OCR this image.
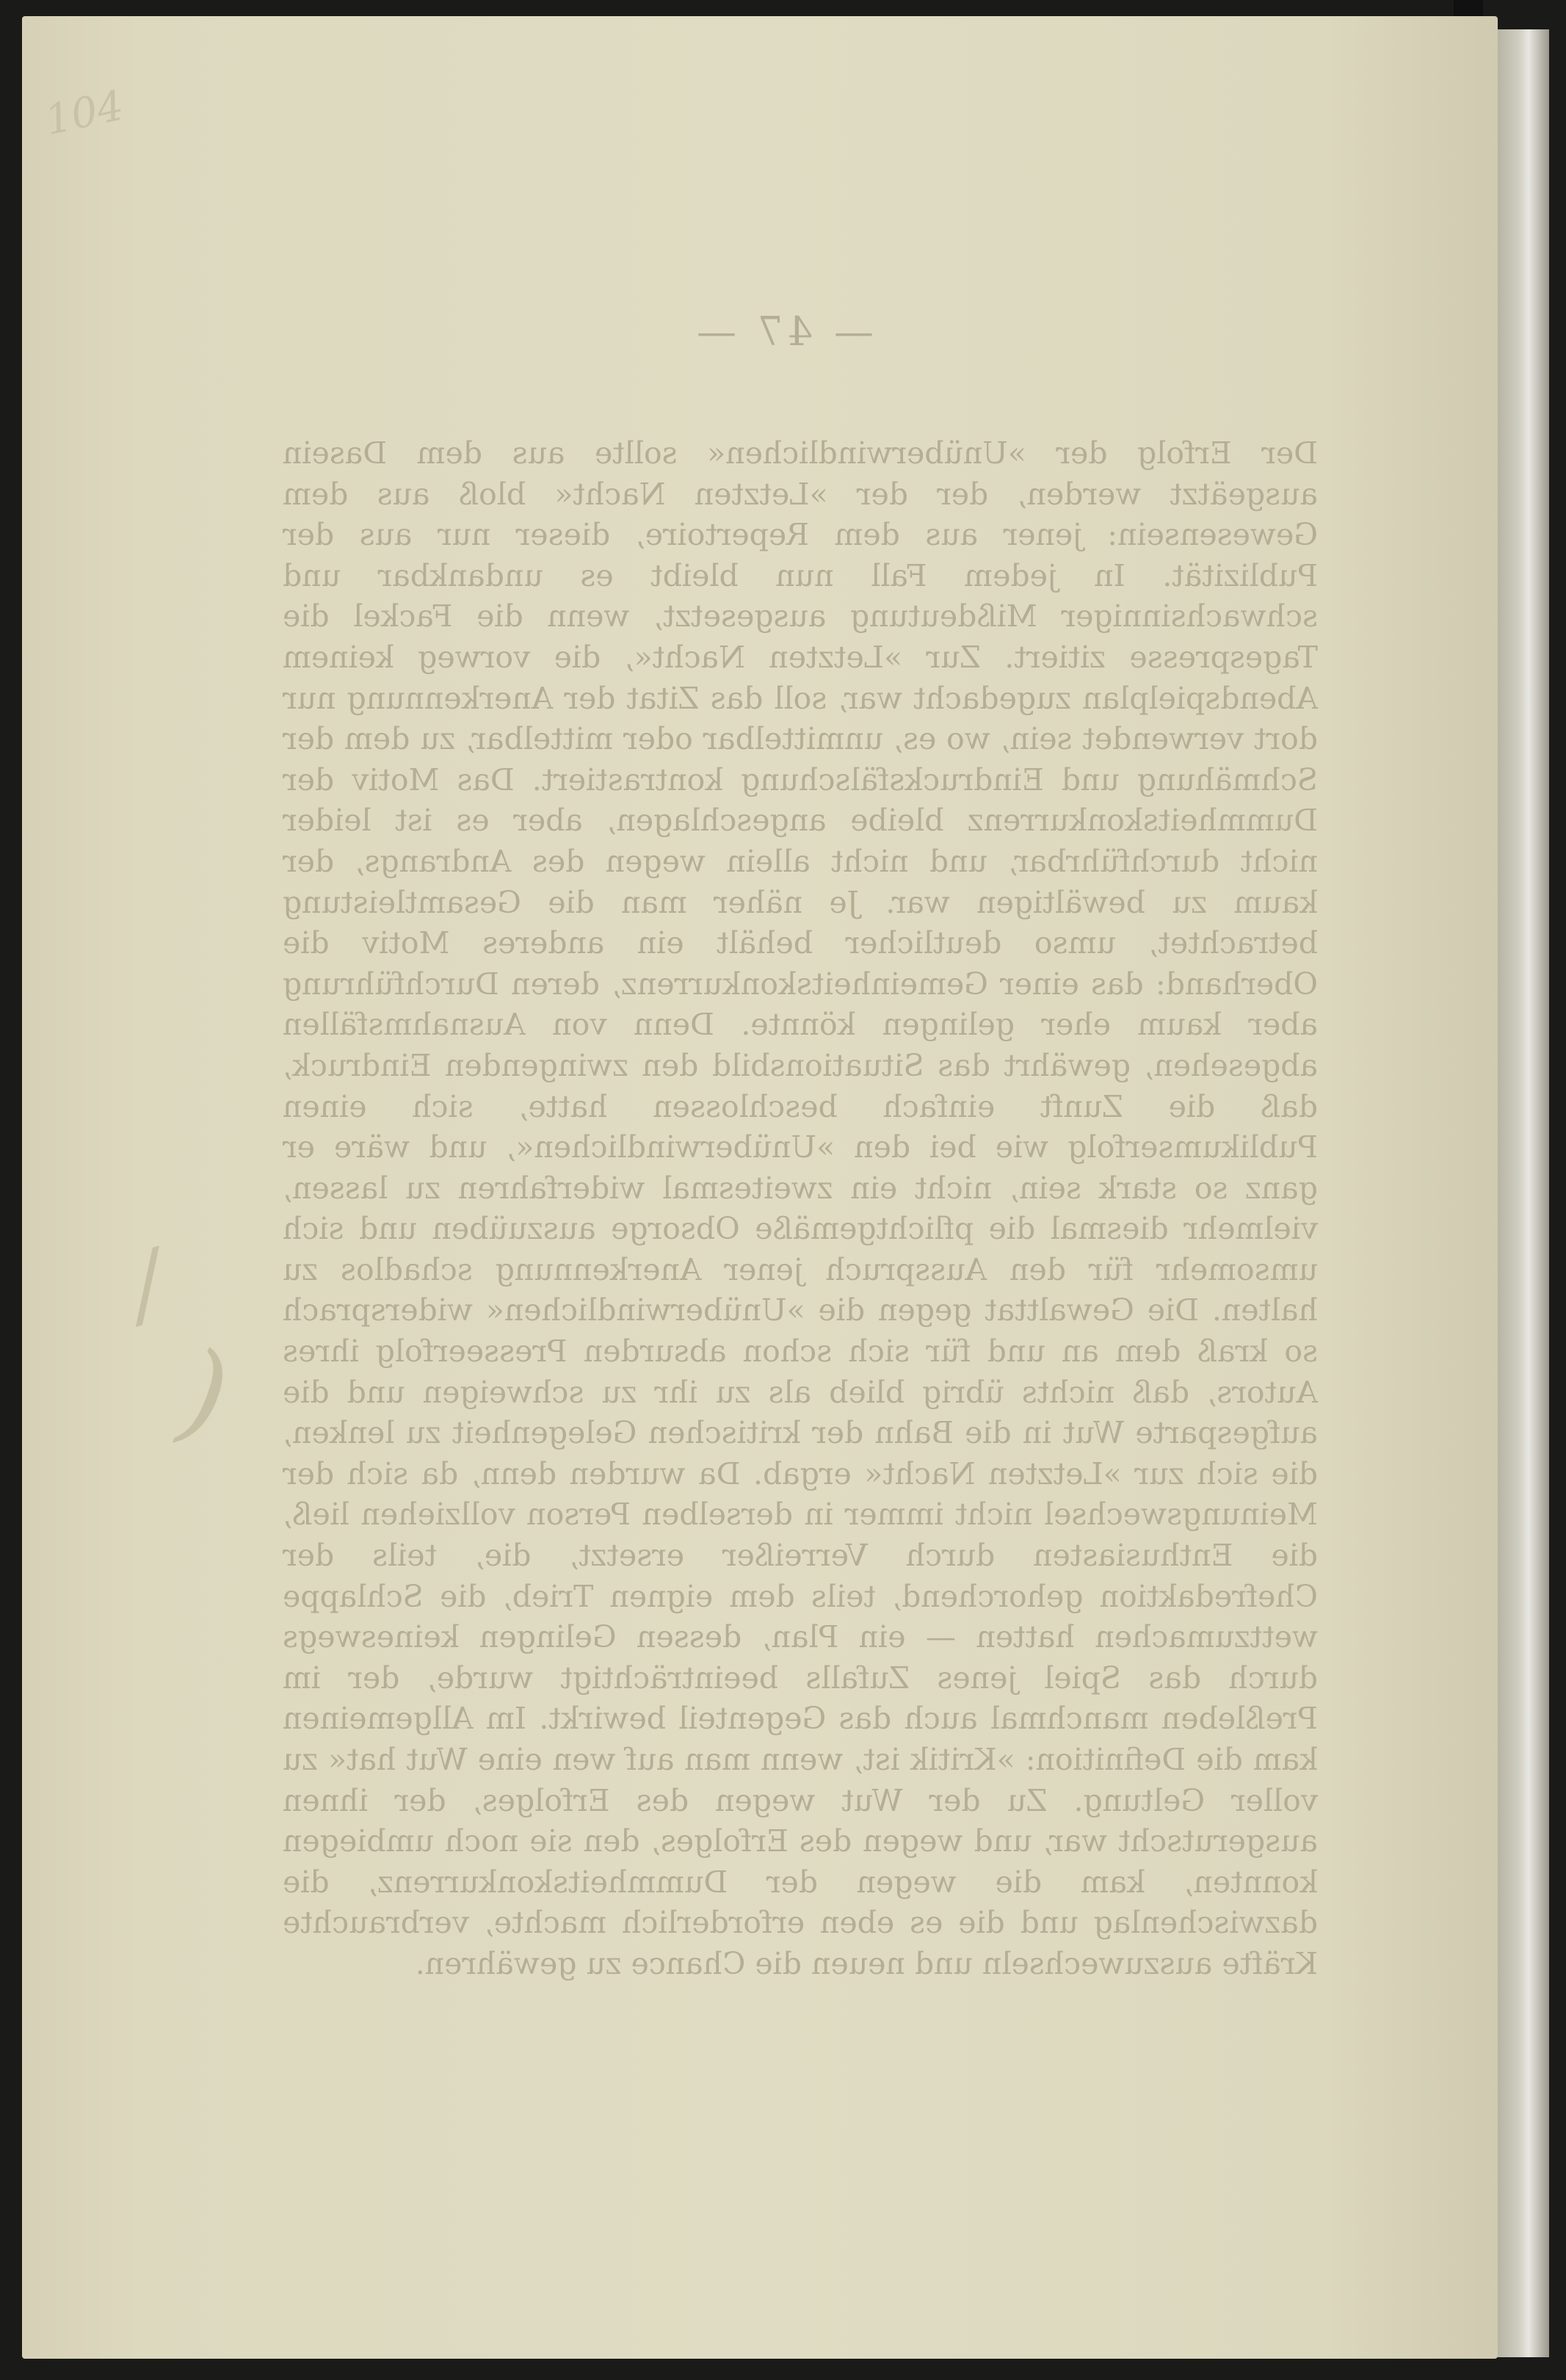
104
— 47 —

Der Erfolg der »Unüberwindlichen« sollte aus dem Dasein ausgeätzt werden, der der »Letzten Nacht« bloß aus dem Gewesensein: jener aus dem Repertoire, dieser nur aus der Publizität. In jedem Fall nun bleibt es undankbar und schwachsinniger Mißdeutung ausgesetzt, wenn die Fackel die Tagespresse zitiert. Zur »Letzten Nacht«, die vorweg keinem Abendspielplan zugedacht war, soll das Zitat der Anerkennung nur dort verwendet sein, wo es, unmittelbar oder mittelbar, zu dem der Schmähung und Eindrucksfälschung kontrastiert. Das Motiv der Dummheitskonkurrenz bleibe angeschlagen, aber es ist leider nicht durchführbar, und nicht allein wegen des Andrangs, der kaum zu bewältigen war. Je näher man die Gesamtleistung betrachtet, umso deutlicher behält ein anderes Motiv die Oberhand: das einer Gemeinheitskonkurrenz, deren Durchführung aber kaum eher gelingen könnte. Denn von Ausnahmsfällen abgesehen, gewährt das Situationsbild den zwingenden Eindruck, daß die Zunft einfach beschlossen hatte, sich einen Publikumserfolg wie bei den »Unüberwindlichen«, und wäre er ganz so stark sein, nicht ein zweitesmal widerfahren zu lassen, vielmehr diesmal die pflichtgemäße Obsorge auszuüben und sich umsomehr für den Ausspruch jener Anerkennung schadlos zu halten. Die Gewalttat gegen die »Unüberwindlichen« widersprach so kraß dem an und für sich schon absurden Presseerfolg ihres Autors, daß nichts übrig blieb als zu ihr zu schweigen und die aufgesparte Wut in die Bahn der kritischen Gelegenheit zu lenken, die sich zur »Letzten Nacht« ergab. Da wurden denn, da sich der Meinungswechsel nicht immer in derselben Person vollziehen ließ, die Enthusiasten durch Verreißer ersetzt, die, teils der Chefredaktion gehorchend, teils dem eignen Trieb, die Schlappe wettzumachen hatten — ein Plan, dessen Gelingen keineswegs durch das Spiel jenes Zufalls beeinträchtigt wurde, der im Preßleben manchmal auch das Gegenteil bewirkt. Im Allgemeinen kam die Definition: »Kritik ist, wenn man auf wen eine Wut hat« zu voller Geltung. Zu der Wut wegen des Erfolges, der ihnen ausgerutscht war, und wegen des Erfolges, den sie noch umbiegen konnten, kam die wegen der Dummheitskonkurrenz, die dazwischenlag und die es eben erforderlich machte, verbrauchte Kräfte auszuwechseln und neuen die Chance zu gewähren.

/
)
